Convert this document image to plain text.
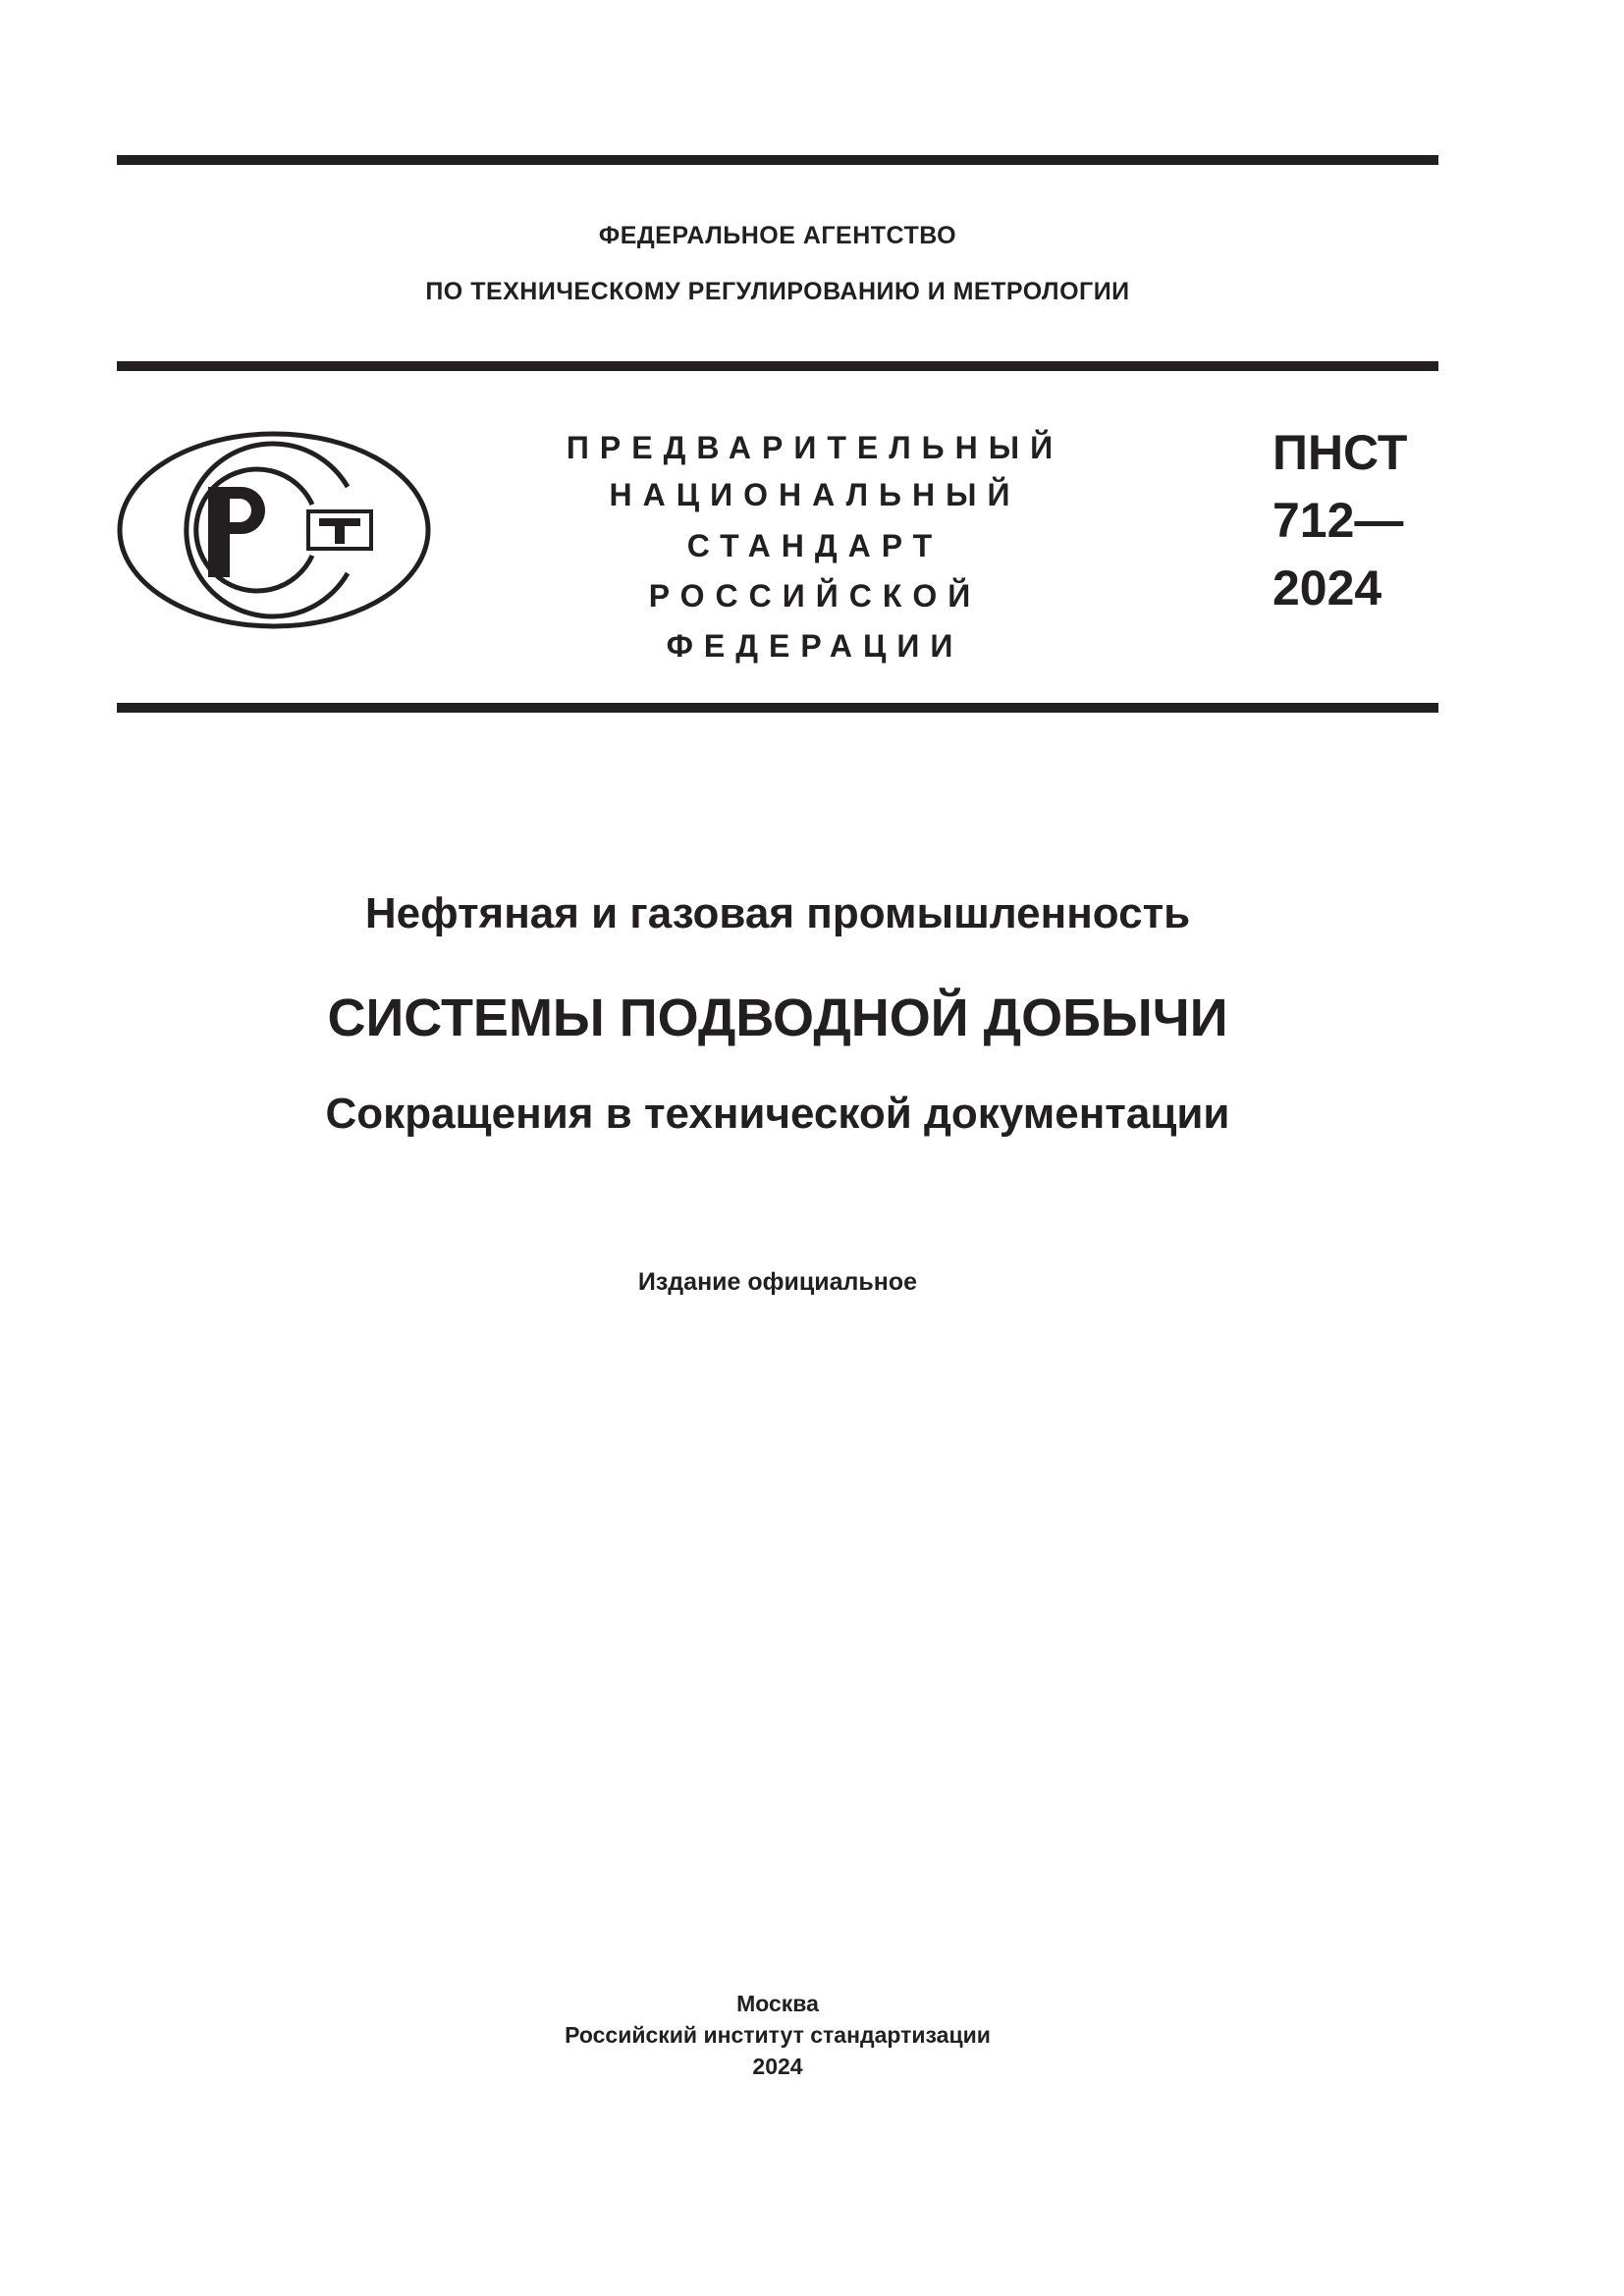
ФЕДЕРАЛЬНОЕ АГЕНТСТВО
ПО ТЕХНИЧЕСКОМУ РЕГУЛИРОВАНИЮ И МЕТРОЛОГИИ
ПРЕДВАРИТЕЛЬНЫЙ
НАЦИОНАЛЬНЫЙ
СТАНДАРТ
РОССИЙСКОЙ
ФЕДЕРАЦИИ
ПНСТ
712—
2024
Нефтяная и газовая промышленность
СИСТЕМЫ ПОДВОДНОЙ ДОБЫЧИ
Сокращения в технической документации
Издание официальное
Москва
Российский институт стандартизации
2024
